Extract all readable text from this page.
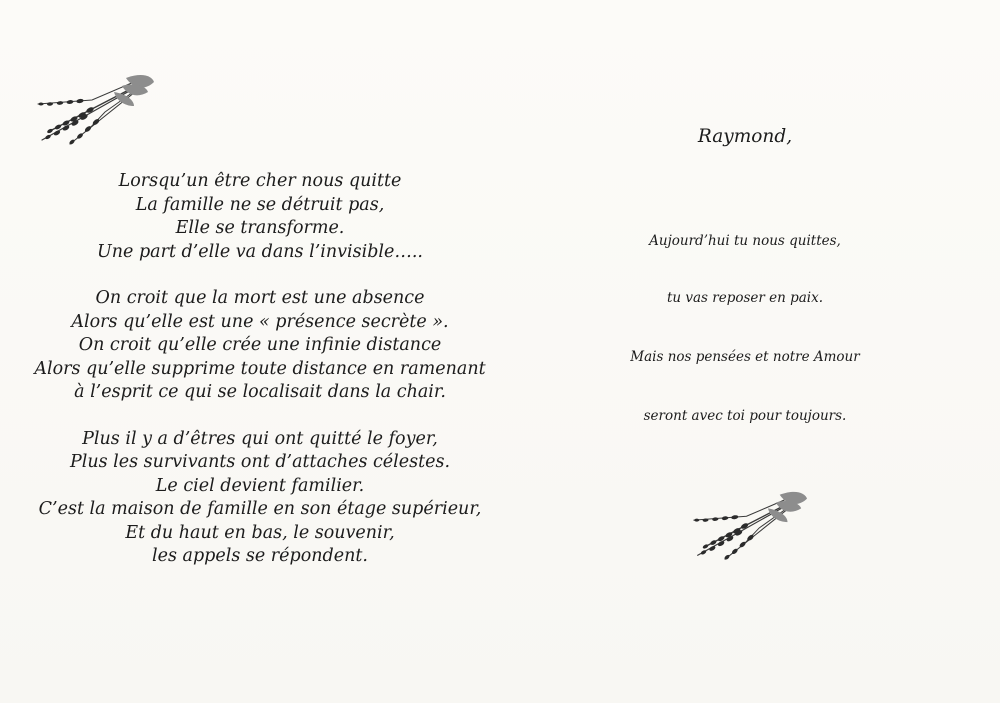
Lorsqu’un être cher nous quitte
La famille ne se détruit pas,
Elle se transforme.
Une part d’elle va dans l’invisible…..
On croit que la mort est une absence
Alors qu’elle est une « présence secrète ».
On croit qu’elle crée une infinie distance
Alors qu’elle supprime toute distance en ramenant
à l’esprit ce qui se localisait dans la chair.
Plus il y a d’êtres qui ont quitté le foyer,
Plus les survivants ont d’attaches célestes.
Le ciel devient familier.
C’est la maison de famille en son étage supérieur,
Et du haut en bas, le souvenir,
les appels se répondent.
Raymond,
Aujourd’hui tu nous quittes,
tu vas reposer en paix.
Mais nos pensées et notre Amour
seront avec toi pour toujours.
